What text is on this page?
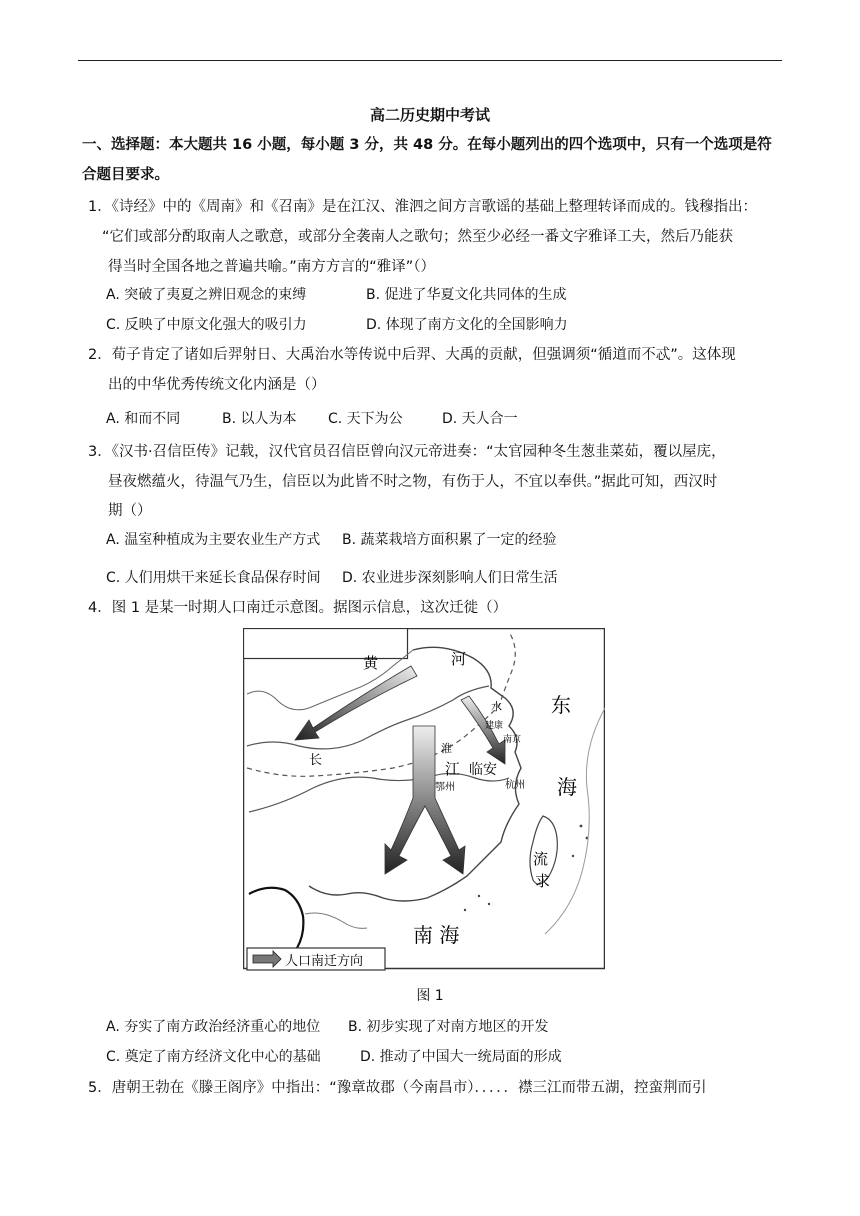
高二历史期中考试
一、选择题：本大题共 16 小题，每小题 3 分，共 48 分。在每小题列出的四个选项中，只有一个选项是符
合题目要求。
1．《诗经》中的《周南》和《召南》是在江汉、淮泗之间方言歌谣的基础上整理转译而成的。钱穆指出：
“它们或部分酌取南人之歌意，或部分全袭南人之歌句；然至少必经一番文字雅译工夫，然后乃能获
得当时全国各地之普遍共喻。”南方方言的“雅译”（）
A. 突破了夷夏之辨旧观念的束缚	B. 促进了华夏文化共同体的生成
C. 反映了中原文化强大的吸引力	D. 体现了南方文化的全国影响力
2．荀子肯定了诸如后羿射日、大禹治水等传说中后羿、大禹的贡献，但强调须“循道而不忒”。这体现
出的中华优秀传统文化内涵是（）
A. 和而不同	B. 以人为本 C. 天下为公	D. 天人合一
3．《汉书·召信臣传》记载，汉代官员召信臣曾向汉元帝进奏：“太官园种冬生葱韭菜茹，覆以屋庑，
昼夜燃蕴火，待温气乃生，信臣以为此皆不时之物，有伤于人，不宜以奉供。”据此可知，西汉时
期（）
A. 温室种植成为主要农业生产方式 B. 蔬菜栽培方面积累了一定的经验
C. 人们用烘干来延长食品保存时间 D. 农业进步深刻影响人们日常生活
4．图 1 是某一时期人口南迁示意图。据图示信息，这次迁徙（）
黄	河
东
海
水
建康
南京
淮
江 临安
鄂州	杭州
长
流
求
南 海
人口南迁方向
图 1
A. 夯实了南方政治经济重心的地位 B. 初步实现了对南方地区的开发
C. 奠定了南方经济文化中心的基础	D. 推动了中国大一统局面的形成
5．唐朝王勃在《滕王阁序》中指出：“豫章故郡（今南昌市）．．．．．襟三江而带五湖，控蛮荆而引
